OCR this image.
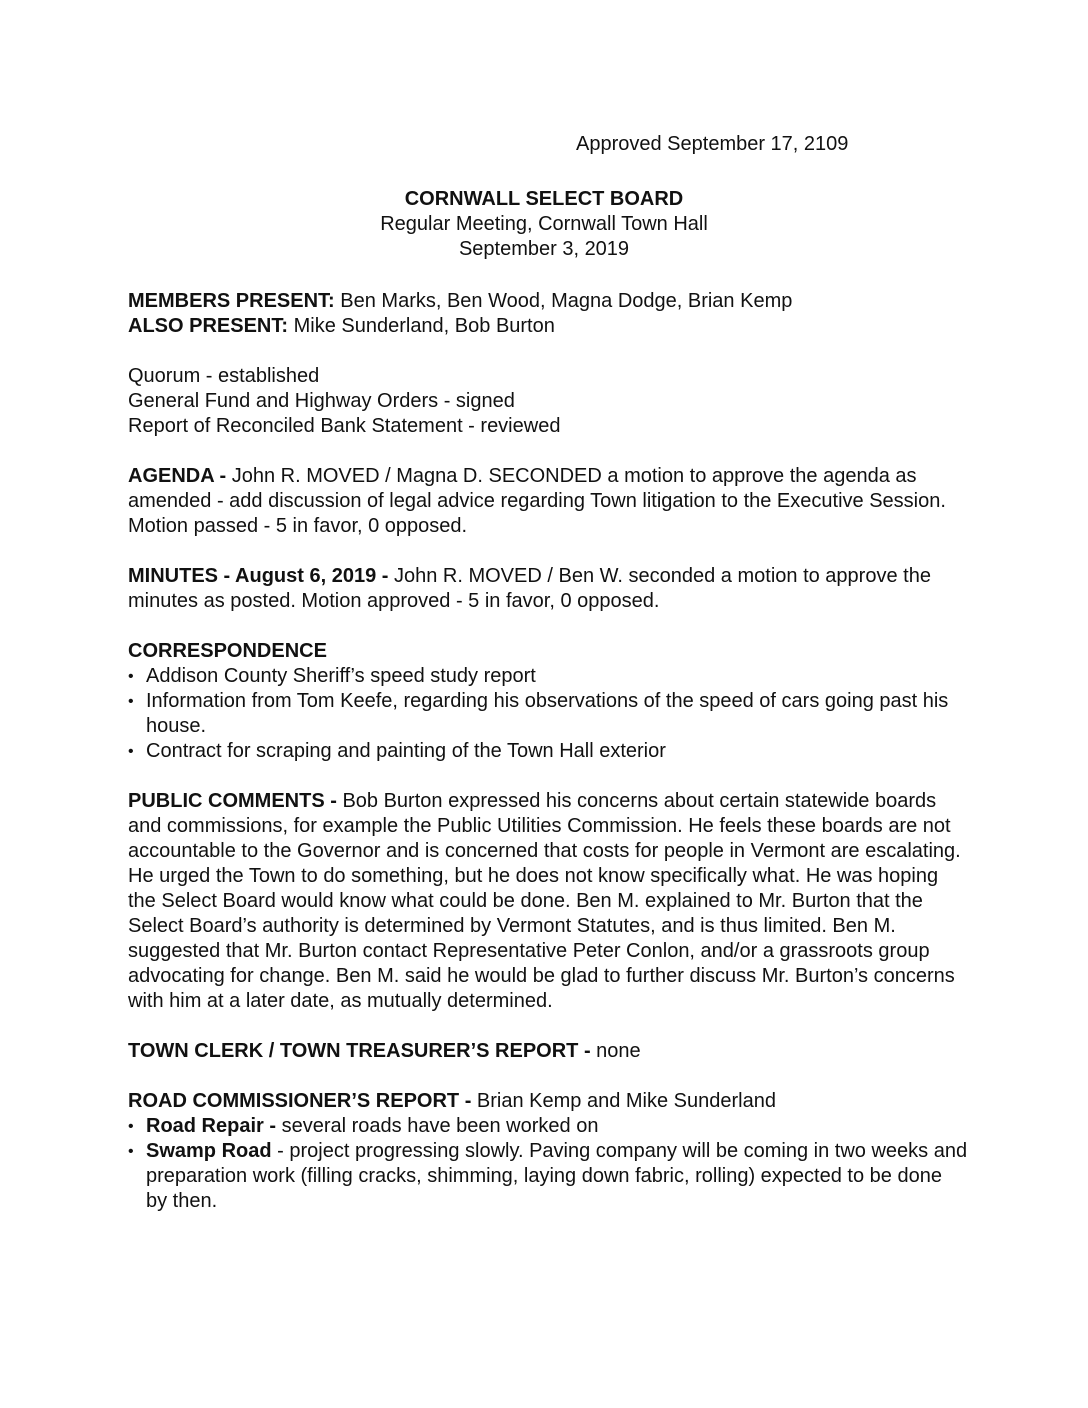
Approved September 17, 2109
CORNWALL SELECT BOARD
Regular Meeting, Cornwall Town Hall
September 3, 2019
MEMBERS PRESENT: Ben Marks, Ben Wood, Magna Dodge, Brian Kemp
ALSO PRESENT: Mike Sunderland, Bob Burton
Quorum - established
General Fund and Highway Orders - signed
Report of Reconciled Bank Statement - reviewed
AGENDA - John R. MOVED / Magna D. SECONDED a motion to approve the agenda as amended - add discussion of legal advice regarding Town litigation to the Executive Session. Motion passed - 5 in favor, 0 opposed.
MINUTES - August 6, 2019 - John R. MOVED / Ben W. seconded a motion to approve the minutes as posted. Motion approved - 5 in favor, 0 opposed.
CORRESPONDENCE
• Addison County Sheriff’s speed study report
• Information from Tom Keefe, regarding his observations of the speed of cars going past his house.
• Contract for scraping and painting of the Town Hall exterior
PUBLIC COMMENTS - Bob Burton expressed his concerns about certain statewide boards and commissions, for example the Public Utilities Commission. He feels these boards are not accountable to the Governor and is concerned that costs for people in Vermont are escalating. He urged the Town to do something, but he does not know specifically what. He was hoping the Select Board would know what could be done. Ben M. explained to Mr. Burton that the Select Board’s authority is determined by Vermont Statutes, and is thus limited. Ben M. suggested that Mr. Burton contact Representative Peter Conlon, and/or a grassroots group advocating for change. Ben M. said he would be glad to further discuss Mr. Burton’s concerns with him at a later date, as mutually determined.
TOWN CLERK / TOWN TREASURER’S REPORT - none
ROAD COMMISSIONER’S REPORT - Brian Kemp and Mike Sunderland
• Road Repair - several roads have been worked on
• Swamp Road - project progressing slowly. Paving company will be coming in two weeks and preparation work (filling cracks, shimming, laying down fabric, rolling) expected to be done by then.
